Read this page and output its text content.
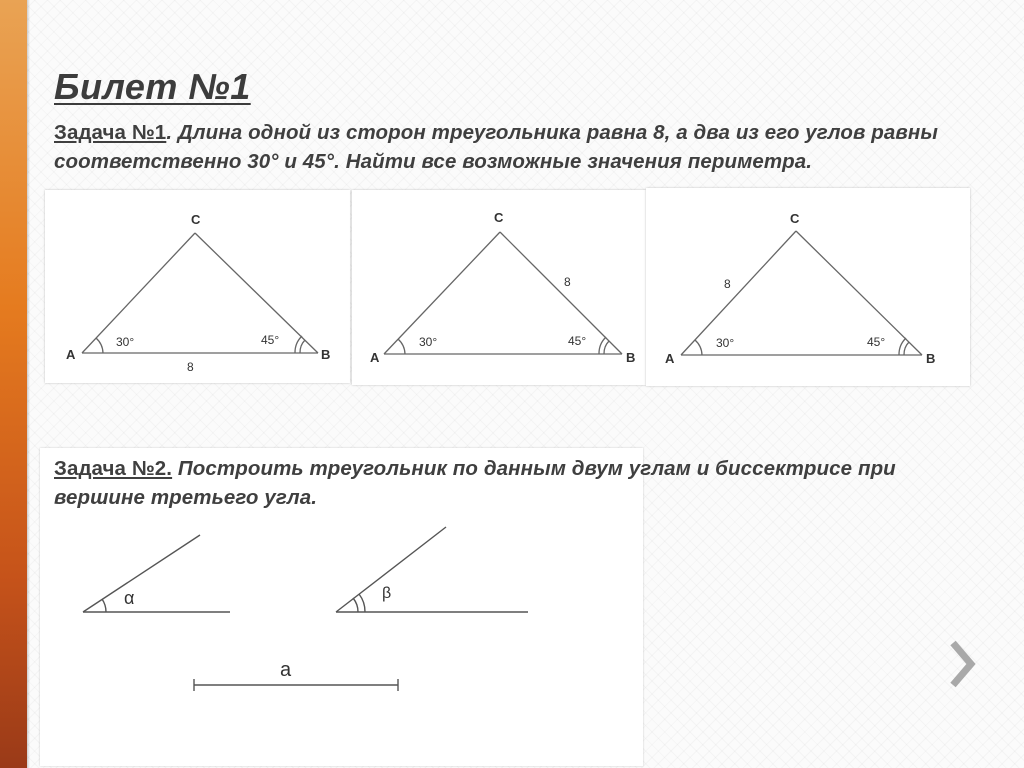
Билет №1

Задача №1. Длина одной из сторон треугольника равна 8, а два из его углов равны соответственно 30° и 45°. Найти все возможные значения периметра.

C
A	B
30°	45°
8
C
A	B
30°	45°
8
C
A	B
30°	45°
8
α	β
a

Задача №2. Построить треугольник по данным двум углам и биссектрисе при вершине третьего угла.
